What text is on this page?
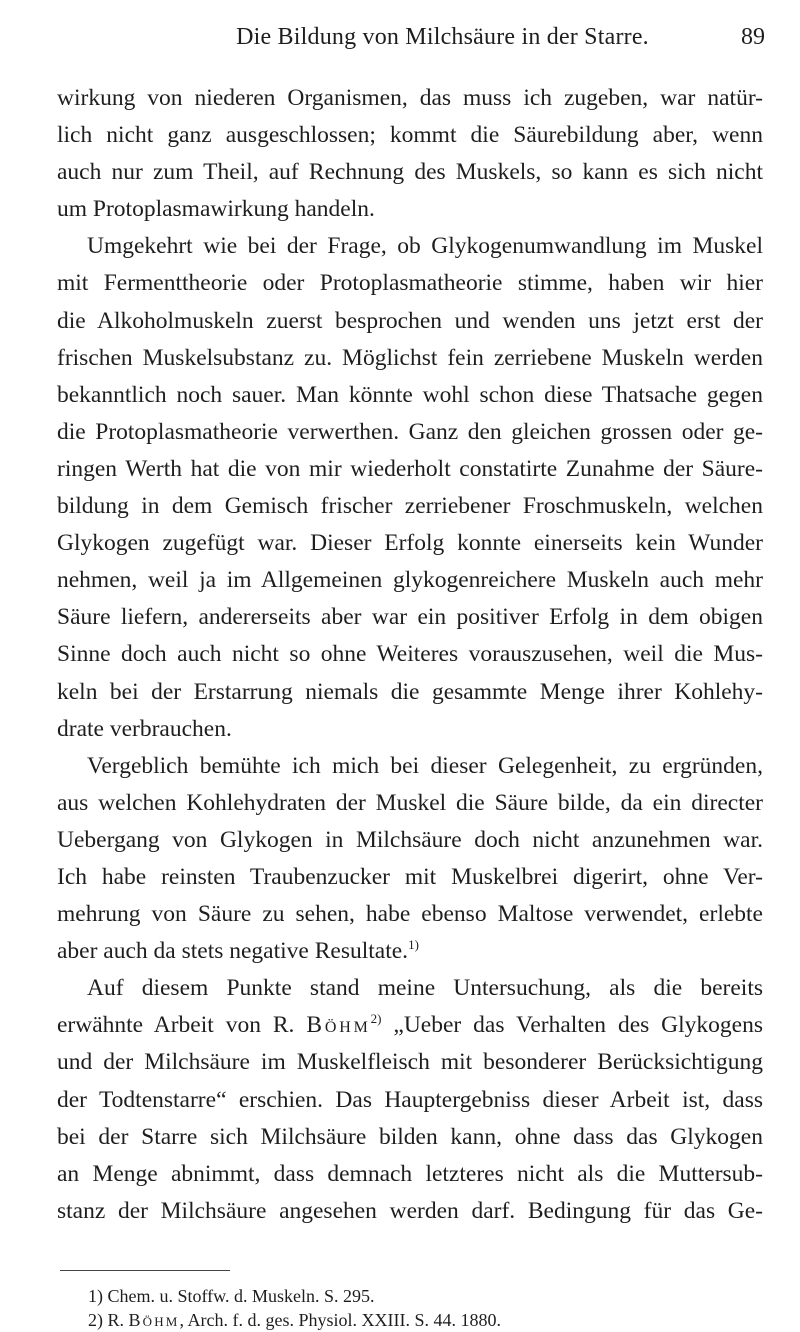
Die Bildung von Milchsäure in der Starre.	89
wirkung von niederen Organismen, das muss ich zugeben, war natür-
lich nicht ganz ausgeschlossen; kommt die Säurebildung aber, wenn
auch nur zum Theil, auf Rechnung des Muskels, so kann es sich nicht
um Protoplasmawirkung handeln.
Umgekehrt wie bei der Frage, ob Glykogenumwandlung im Muskel
mit Fermenttheorie oder Protoplasmatheorie stimme, haben wir hier
die Alkoholmuskeln zuerst besprochen und wenden uns jetzt erst der
frischen Muskelsubstanz zu. Möglichst fein zerriebene Muskeln werden
bekanntlich noch sauer. Man könnte wohl schon diese Thatsache gegen
die Protoplasmatheorie verwerthen. Ganz den gleichen grossen oder ge-
ringen Werth hat die von mir wiederholt constatirte Zunahme der Säure-
bildung in dem Gemisch frischer zerriebener Froschmuskeln, welchen
Glykogen zugefügt war. Dieser Erfolg konnte einerseits kein Wunder
nehmen, weil ja im Allgemeinen glykogenreichere Muskeln auch mehr
Säure liefern, andererseits aber war ein positiver Erfolg in dem obigen
Sinne doch auch nicht so ohne Weiteres vorauszusehen, weil die Mus-
keln bei der Erstarrung niemals die gesammte Menge ihrer Kohlehy-
drate verbrauchen.
Vergeblich bemühte ich mich bei dieser Gelegenheit, zu ergründen,
aus welchen Kohlehydraten der Muskel die Säure bilde, da ein directer
Uebergang von Glykogen in Milchsäure doch nicht anzunehmen war.
Ich habe reinsten Traubenzucker mit Muskelbrei digerirt, ohne Ver-
mehrung von Säure zu sehen, habe ebenso Maltose verwendet, erlebte
aber auch da stets negative Resultate.$^{1)}$
Auf diesem Punkte stand meine Untersuchung, als die bereits
erwähnte Arbeit von R. Böhm$^{2)}$ „Ueber das Verhalten des Glykogens
und der Milchsäure im Muskelfleisch mit besonderer Berücksichtigung
der Todtenstarre“ erschien. Das Hauptergebniss dieser Arbeit ist, dass
bei der Starre sich Milchsäure bilden kann, ohne dass das Glykogen
an Menge abnimmt, dass demnach letzteres nicht als die Muttersub-
stanz der Milchsäure angesehen werden darf. Bedingung für das Ge-
1) Chem. u. Stoffw. d. Muskeln. S. 295.
2) R. Böhm, Arch. f. d. ges. Physiol. XXIII. S. 44. 1880.
